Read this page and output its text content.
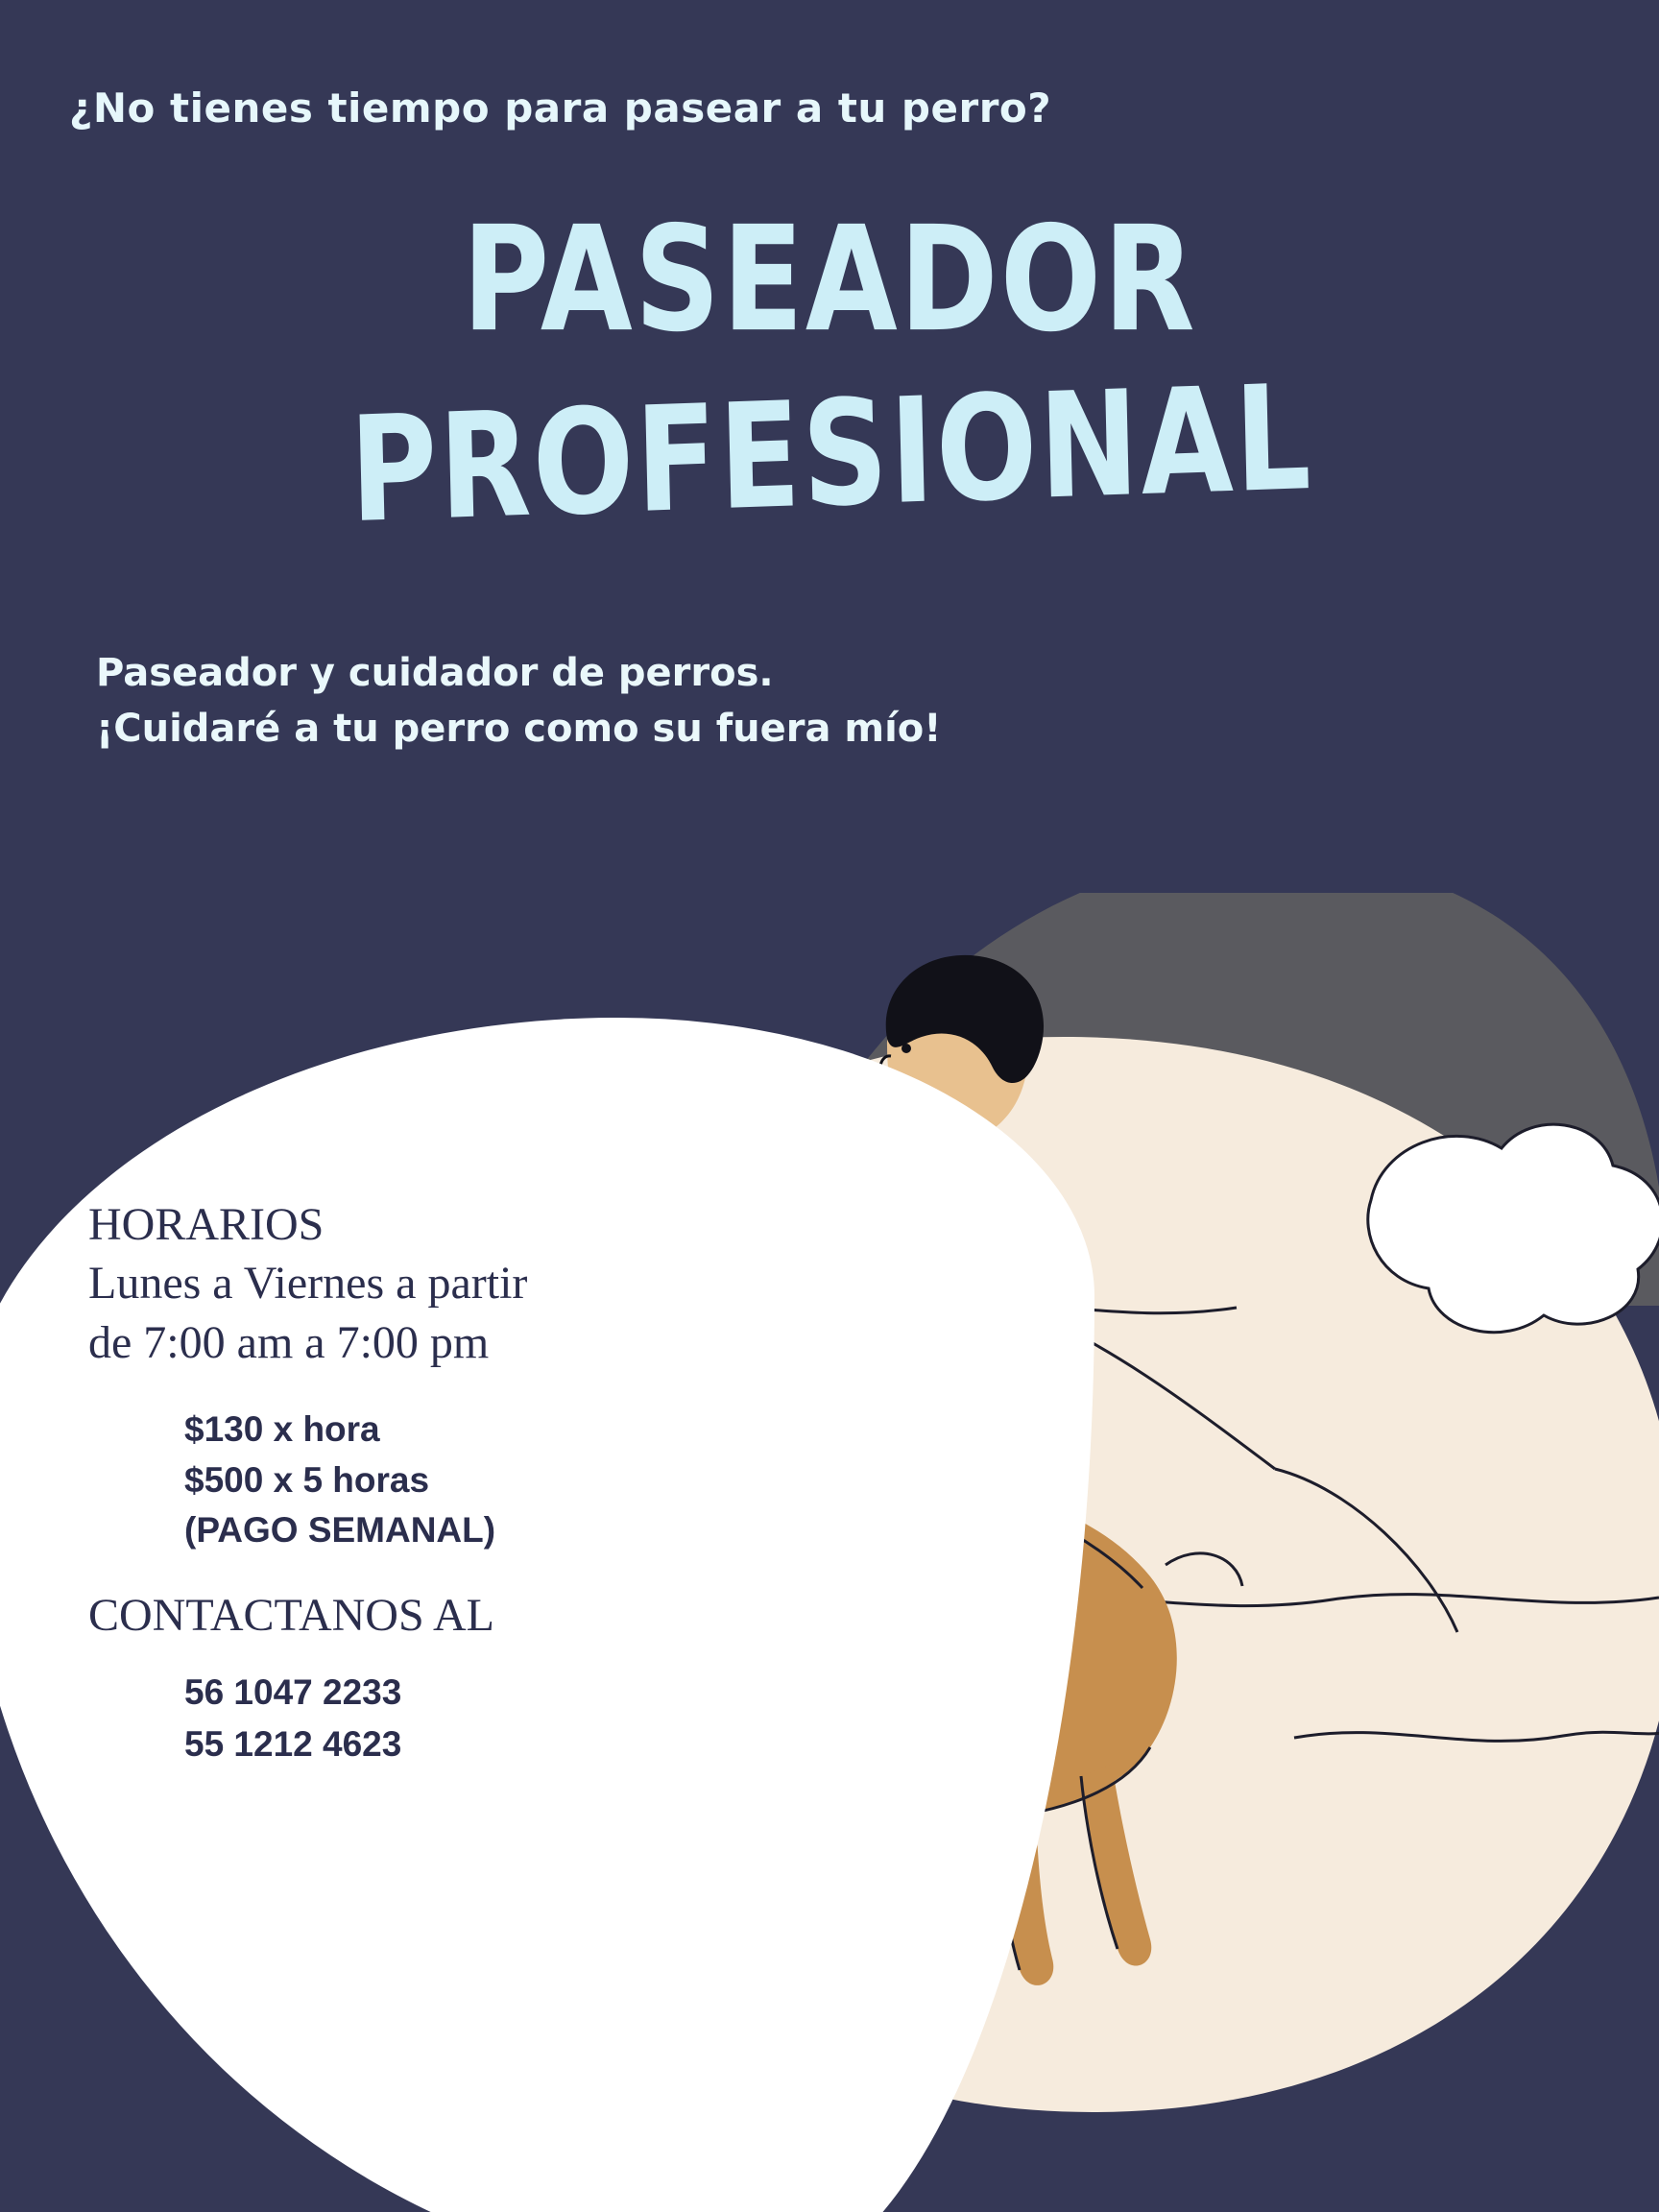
¿No tienes tiempo para pasear a tu perro?
PASEADOR
PROFESIONAL
Paseador y cuidador de perros.
¡Cuidaré a tu perro como su fuera mío!
HORARIOS
Lunes a Viernes a partir
de 7:00 am a 7:00 pm
$130 x hora
$500 x 5 horas
(PAGO SEMANAL)
CONTACTANOS AL
56 1047 2233
55 1212 4623
